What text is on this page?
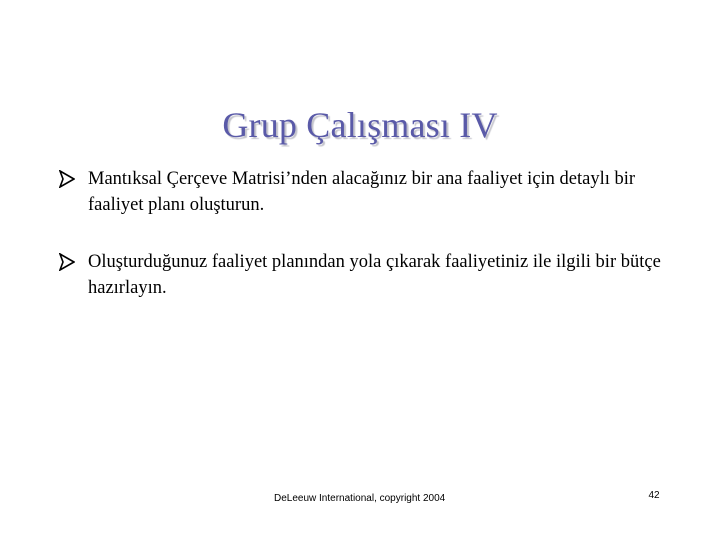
Grup Çalışması IV
Mantıksal Çerçeve Matrisi’nden alacağınız bir ana faaliyet için detaylı bir faaliyet planı oluşturun.
Oluşturduğunuz faaliyet planından yola çıkarak faaliyetiniz ile ilgili bir bütçe hazırlayın.
DeLeeuw International, copyright 2004	42
